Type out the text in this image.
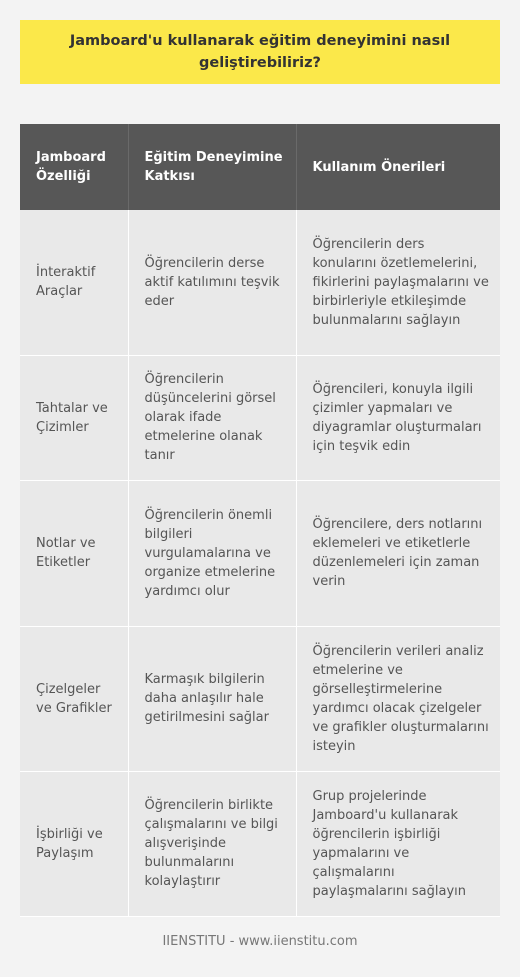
Jamboard'u kullanarak eğitim deneyimini nasıl geliştirebiliriz?
Jamboard Özelliği	Eğitim Deneyimine Katkısı	Kullanım Önerileri
İnteraktif Araçlar	Öğrencilerin derse aktif katılımını teşvik eder	Öğrencilerin ders konularını özetlemelerini, fikirlerini paylaşmalarını ve birbirleriyle etkileşimde bulunmalarını sağlayın
Tahtalar ve Çizimler	Öğrencilerin düşüncelerini görsel olarak ifade etmelerine olanak tanır	Öğrencileri, konuyla ilgili çizimler yapmaları ve diyagramlar oluşturmaları için teşvik edin
Notlar ve Etiketler	Öğrencilerin önemli bilgileri vurgulamalarına ve organize etmelerine yardımcı olur	Öğrencilere, ders notlarını eklemeleri ve etiketlerle düzenlemeleri için zaman verin
Çizelgeler ve Grafikler	Karmaşık bilgilerin daha anlaşılır hale getirilmesini sağlar	Öğrencilerin verileri analiz etmelerine ve görselleştirmelerine yardımcı olacak çizelgeler ve grafikler oluşturmalarını isteyin
İşbirliği ve Paylaşım	Öğrencilerin birlikte çalışmalarını ve bilgi alışverişinde bulunmalarını kolaylaştırır	Grup projelerinde Jamboard'u kullanarak öğrencilerin işbirliği yapmalarını ve çalışmalarını paylaşmalarını sağlayın
IIENSTITU - www.iienstitu.com
